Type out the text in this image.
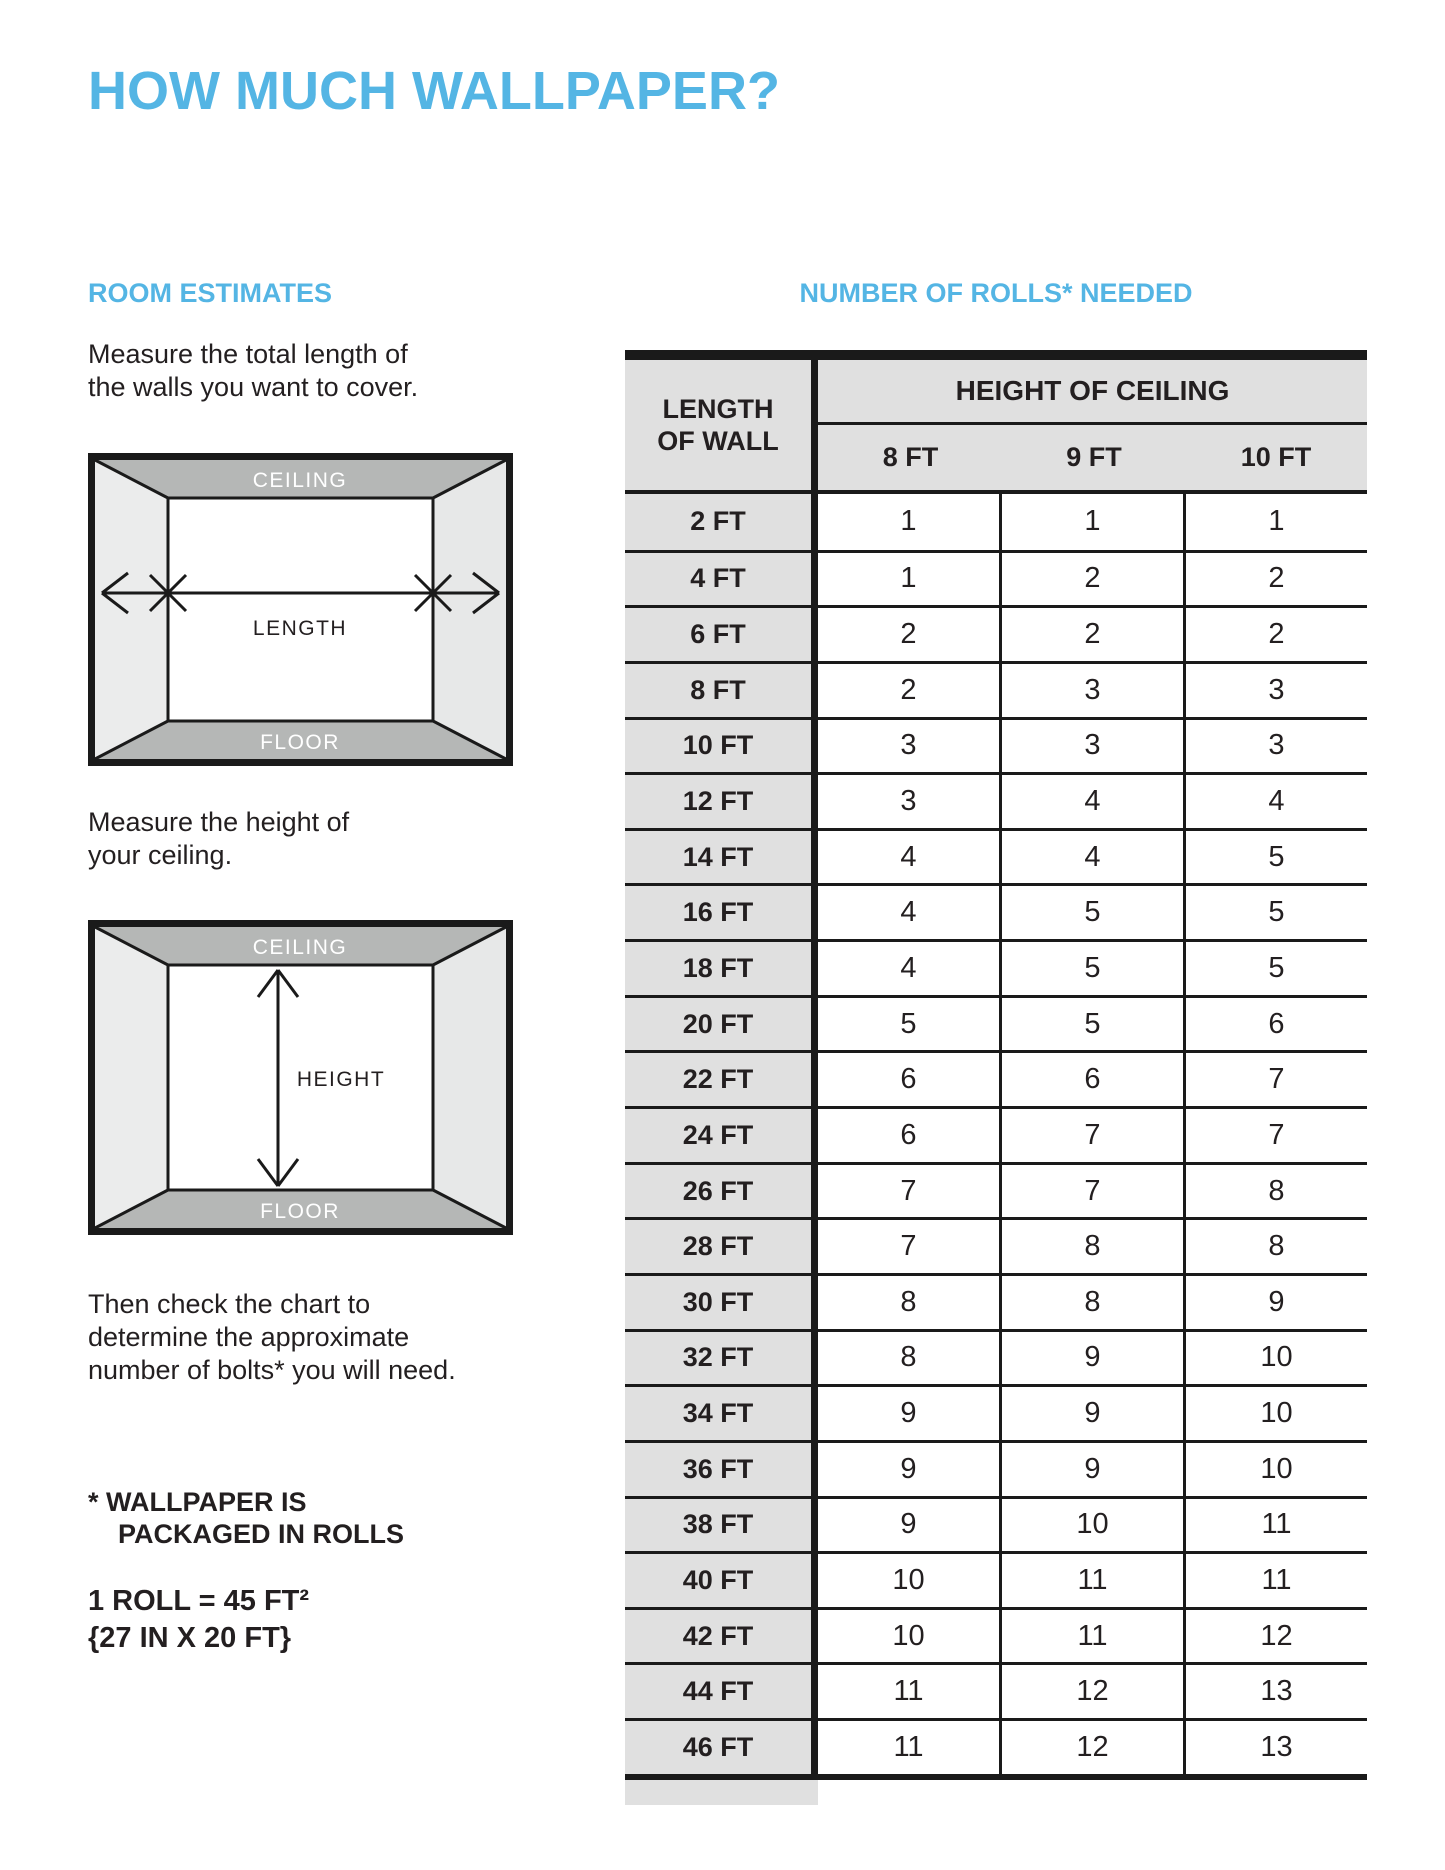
HOW MUCH WALLPAPER?
ROOM ESTIMATES	NUMBER OF ROLLS* NEEDED

Measure the total length of
the walls you want to cover.

CEILING
FLOOR
LENGTH

Measure the height of
your ceiling.

CEILING
FLOOR
HEIGHT

Then check the chart to
determine the approximate
number of bolts* you will need.

* WALLPAPER IS
PACKAGED IN ROLLS
1 ROLL = 45 FT²
{27 IN X 20 FT}
LENGTH
OF WALL
HEIGHT OF CEILING
8 FT	9 FT	10 FT
2 FT	1	1	1
4 FT	1	2	2
6 FT	2	2	2
8 FT	2	3	3
10 FT	3	3	3
12 FT	3	4	4
14 FT	4	4	5
16 FT	4	5	5
18 FT	4	5	5
20 FT	5	5	6
22 FT	6	6	7
24 FT	6	7	7
26 FT	7	7	8
28 FT	7	8	8
30 FT	8	8	9
32 FT	8	9	10
34 FT	9	9	10
36 FT	9	9	10
38 FT	9	10	11
40 FT	10	11	11
42 FT	10	11	12
44 FT	11	12	13
46 FT	11	12	13
